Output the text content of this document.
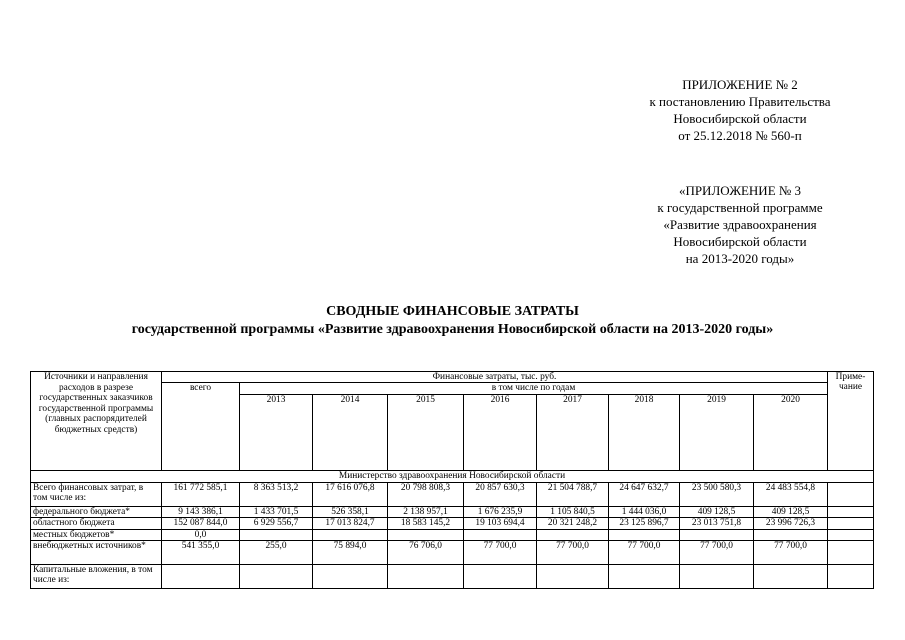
ПРИЛОЖЕНИЕ № 2
к постановлению Правительства
Новосибирской области
от 25.12.2018 № 560-п
«ПРИЛОЖЕНИЕ № 3
к государственной программе
«Развитие здравоохранения
Новосибирской области
на 2013-2020 годы»
СВОДНЫЕ ФИНАНСОВЫЕ ЗАТРАТЫ
государственной программы «Развитие здравоохранения Новосибирской области на 2013-2020 годы»
Источники и направления расходов в разрезе государственных заказчиков государственной программы (главных распорядителей бюджетных средств)	Финансовые затраты, тыс. руб.									Приме-чание
	всего	в том числе по годам								
		2013	2014	2015	2016	2017	2018	2019	2020	
Министерство здравоохранения Новосибирской области										
Всего финансовых затрат, в том числе из:	161 772 585,1	8 363 513,2	17 616 076,8	20 798 808,3	20 857 630,3	21 504 788,7	24 647 632,7	23 500 580,3	24 483 554,8	
федерального бюджета*	9 143 386,1	1 433 701,5	526 358,1	2 138 957,1	1 676 235,9	1 105 840,5	1 444 036,0	409 128,5	409 128,5	
областного бюджета	152 087 844,0	6 929 556,7	17 013 824,7	18 583 145,2	19 103 694,4	20 321 248,2	23 125 896,7	23 013 751,8	23 996 726,3	
местных бюджетов*	0,0									
внебюджетных источников*	541 355,0	255,0	75 894,0	76 706,0	77 700,0	77 700,0	77 700,0	77 700,0	77 700,0	
Капитальные вложения, в том числе из:										
